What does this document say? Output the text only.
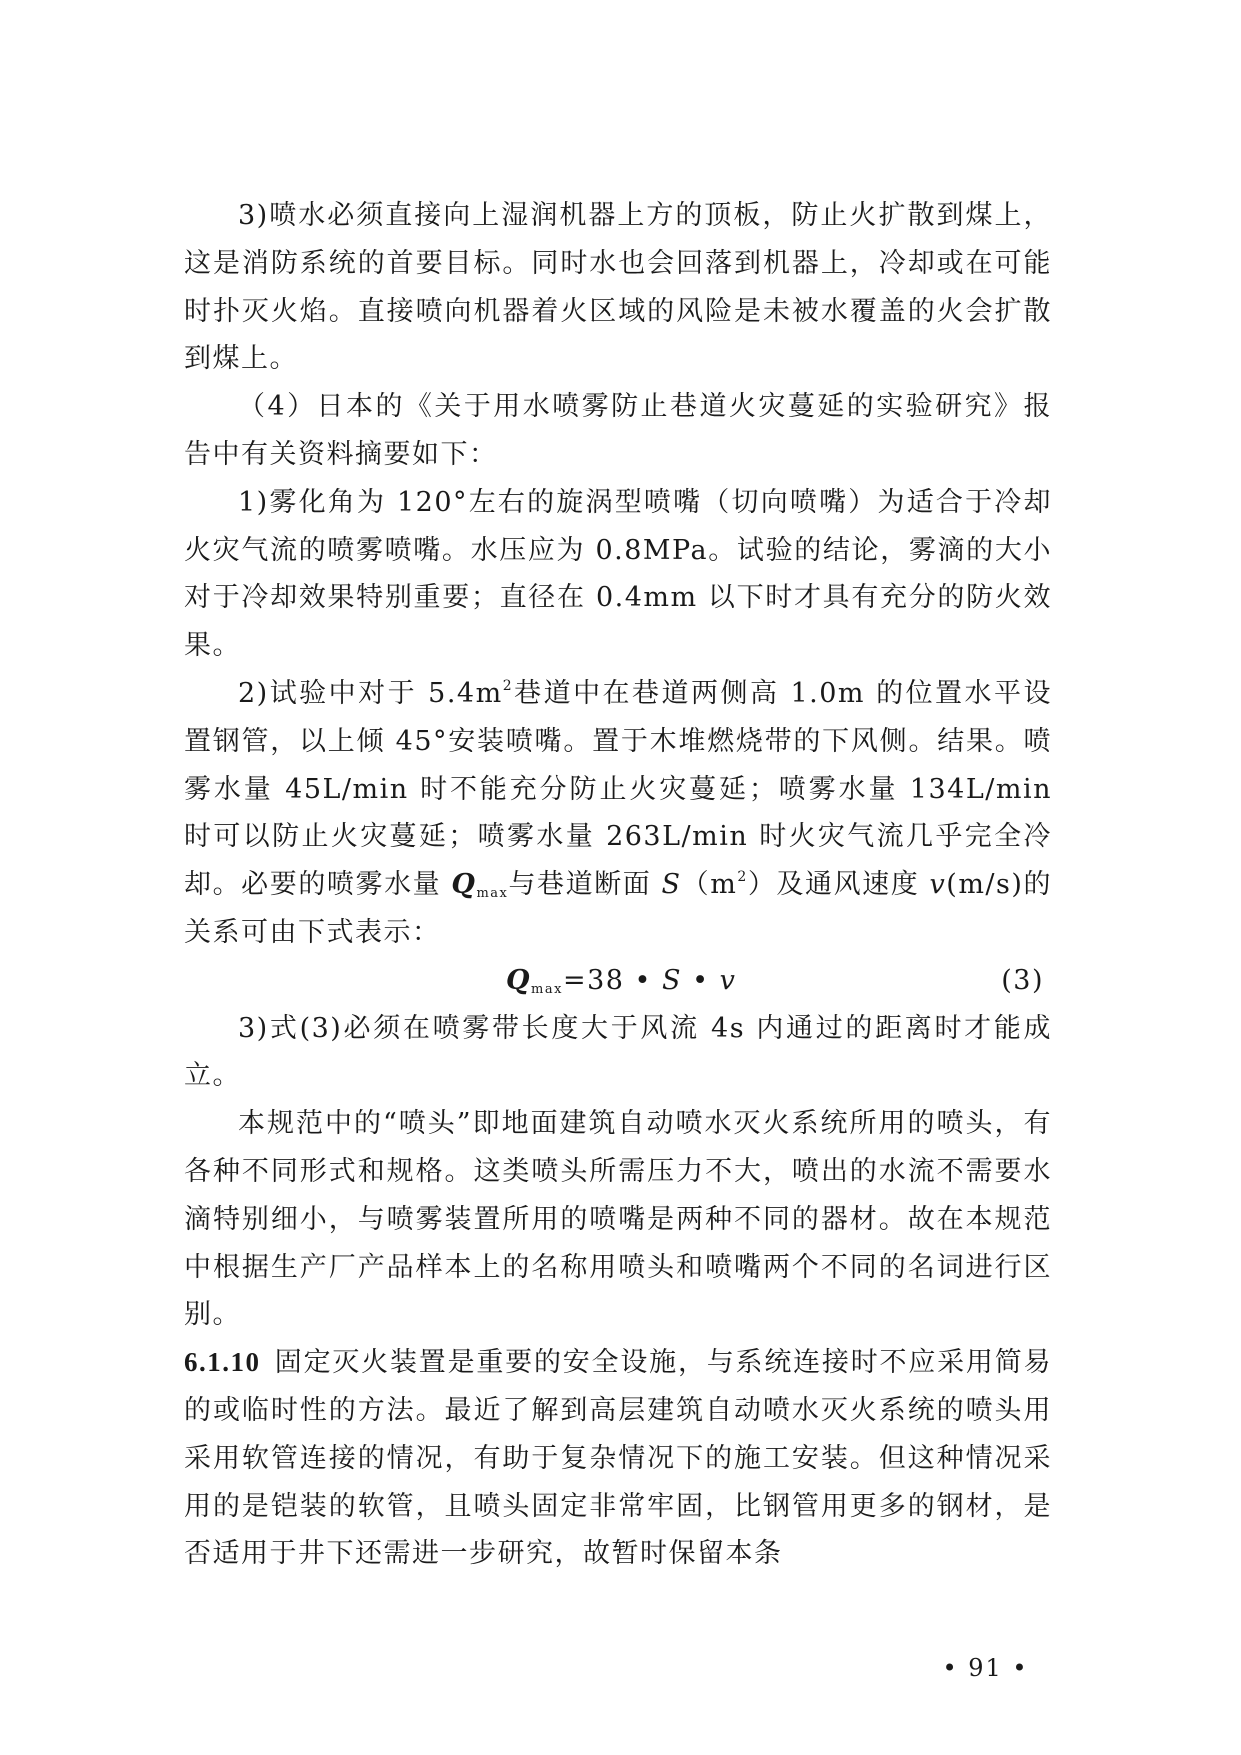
3)喷水必须直接向上湿润机器上方的顶板，防止火扩散到煤上，这是消防系统的首要目标。同时水也会回落到机器上，冷却或在可能时扑灭火焰。直接喷向机器着火区域的风险是未被水覆盖的火会扩散到煤上。

（4）日本的《关于用水喷雾防止巷道火灾蔓延的实验研究》报告中有关资料摘要如下：

1)雾化角为 120°左右的旋涡型喷嘴（切向喷嘴）为适合于冷却火灾气流的喷雾喷嘴。水压应为 0.8MPa。试验的结论，雾滴的大小对于冷却效果特别重要；直径在 0.4mm 以下时才具有充分的防火效果。

2)试验中对于 $5.4m^2$巷道中在巷道两侧高 1.0m 的位置水平设置钢管，以上倾 45°安装喷嘴。置于木堆燃烧带的下风侧。结果。喷雾水量 45L/min 时不能充分防止火灾蔓延；喷雾水量 134L/min 时可以防止火灾蔓延；喷雾水量 263L/min 时火灾气流几乎完全冷却。必要的喷雾水量 $Q_{max}$与巷道断面 $S(m^2)$及通风速度 v(m/s)的关系可由下式表示：

$Q_{max}=38$ • S • v	(3)

3)式(3)必须在喷雾带长度大于风流 4s 内通过的距离时才能成立。

本规范中的“喷头”即地面建筑自动喷水灭火系统所用的喷头，有各种不同形式和规格。这类喷头所需压力不大，喷出的水流不需要水滴特别细小，与喷雾装置所用的喷嘴是两种不同的器材。故在本规范中根据生产厂产品样本上的名称用喷头和喷嘴两个不同的名词进行区别。

6.1.10 固定灭火装置是重要的安全设施，与系统连接时不应采用简易的或临时性的方法。最近了解到高层建筑自动喷水灭火系统的喷头用采用软管连接的情况，有助于复杂情况下的施工安装。但这种情况采用的是铠装的软管，且喷头固定非常牢固，比钢管用更多的钢材，是否适用于井下还需进一步研究，故暂时保留本条

• 91 •
